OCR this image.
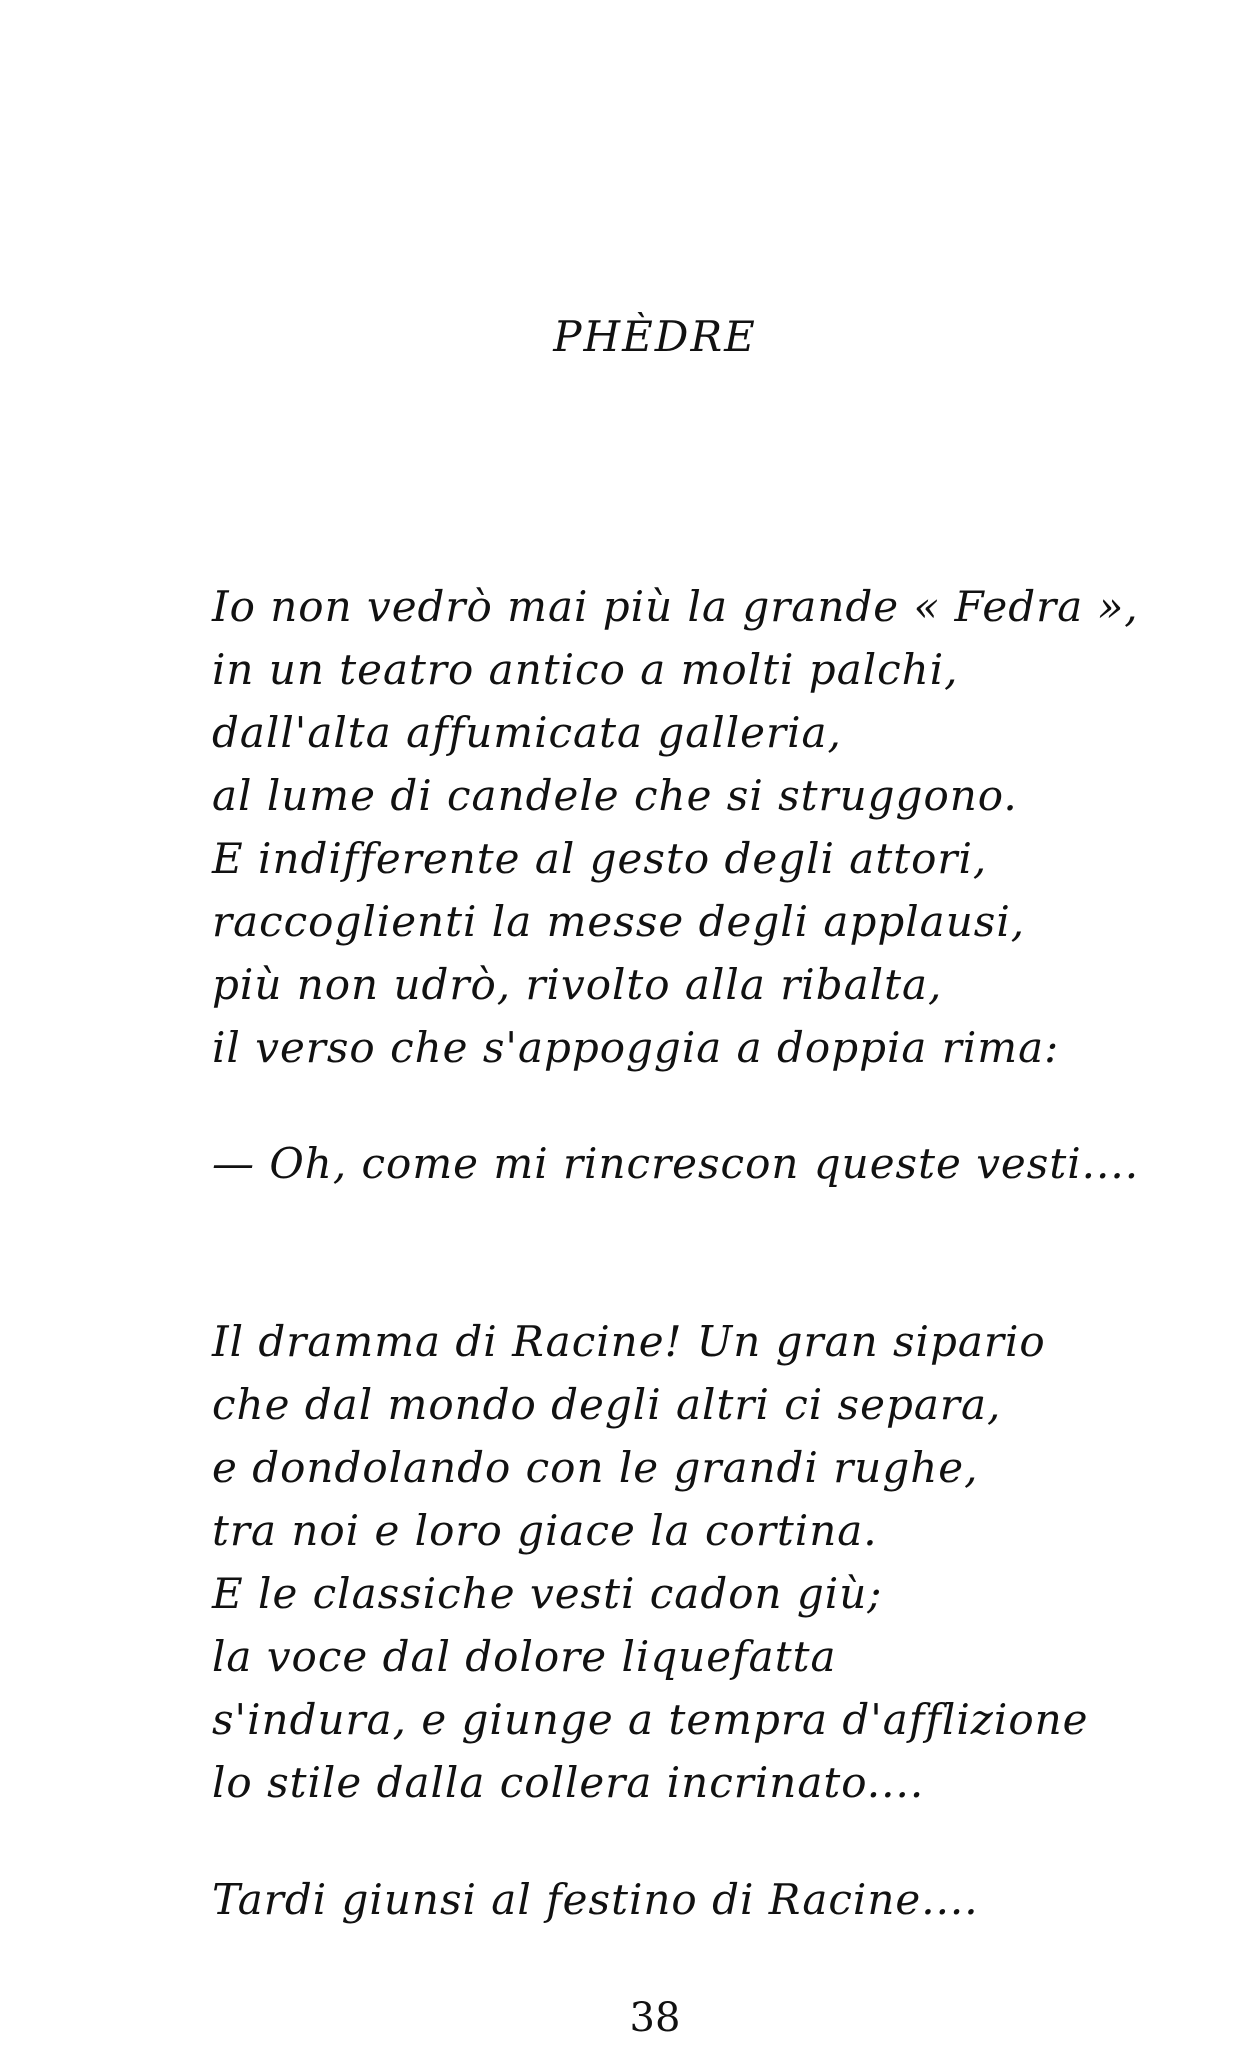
PHÈDRE
Io non vedrò mai più la grande « Fedra »,
in un teatro antico a molti palchi,
dall'alta affumicata galleria,
al lume di candele che si struggono.
E indifferente al gesto degli attori,
raccoglienti la messe degli applausi,
più non udrò, rivolto alla ribalta,
il verso che s'appoggia a doppia rima:
— Oh, come mi rincrescon queste vesti....
Il dramma di Racine! Un gran sipario
che dal mondo degli altri ci separa,
e dondolando con le grandi rughe,
tra noi e loro giace la cortina.
E le classiche vesti cadon giù;
la voce dal dolore liquefatta
s'indura, e giunge a tempra d'afflizione
lo stile dalla collera incrinato....
Tardi giunsi al festino di Racine....
38
